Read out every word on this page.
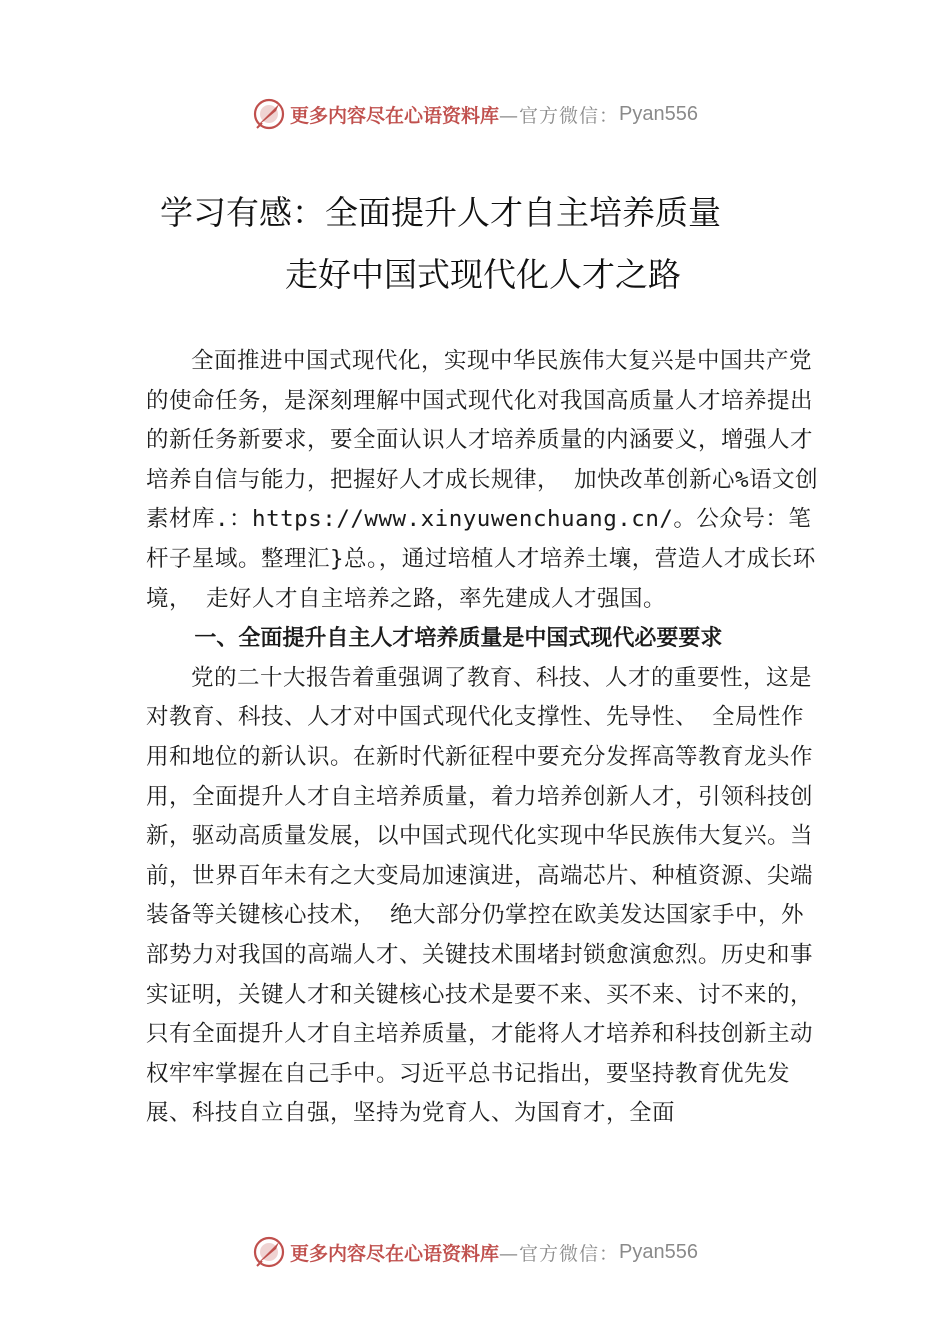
更多内容尽在心语资料库 —官方微信： Pyan556
学习有感：全面提升人才自主培养质量
走好中国式现代化人才之路

全面推进中国式现代化，实现中华民族伟大复兴是中国共产党的使命任务，是深刻理解中国式现代化对我国高质量人才培养提出的新任务新要求，要全面认识人才培养质量的内涵要义，增强人才培养自信与能力，把握好人才成长规律， 加快改革创新心%语文创素材库.：https://www.xinyuwenchuang.cn/。公众号：笔杆子星域。整理汇}总。，通过培植人才培养土壤，营造人才成长环境， 走好人才自主培养之路，率先建成人才强国。

一、全面提升自主人才培养质量是中国式现代必要要求

党的二十大报告着重强调了教育、科技、人才的重要性，这是对教育、科技、人才对中国式现代化支撑性、先导性、 全局性作用和地位的新认识。在新时代新征程中要充分发挥高等教育龙头作用，全面提升人才自主培养质量，着力培养创新人才，引领科技创新，驱动高质量发展，以中国式现代化实现中华民族伟大复兴。当前，世界百年未有之大变局加速演进，高端芯片、种植资源、尖端装备等关键核心技术， 绝大部分仍掌控在欧美发达国家手中，外部势力对我国的高端人才、关键技术围堵封锁愈演愈烈。历史和事实证明，关键人才和关键核心技术是要不来、买不来、讨不来的，只有全面提升人才自主培养质量，才能将人才培养和科技创新主动权牢牢掌握在自己手中。习近平总书记指出，要坚持教育优先发展、科技自立自强，坚持为党育人、为国育才，全面

更多内容尽在心语资料库 —官方微信： Pyan556
